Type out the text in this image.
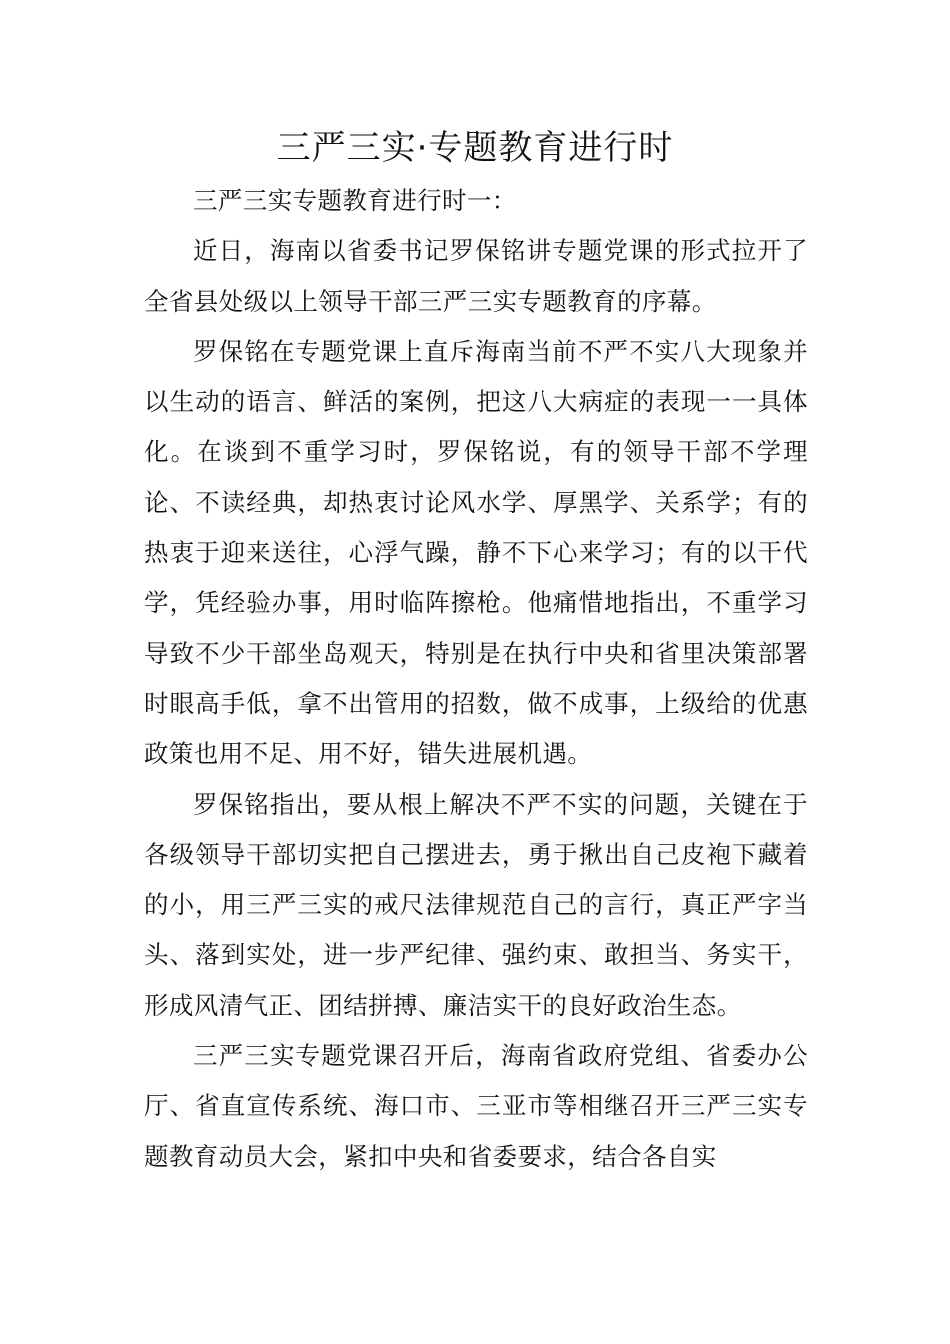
三严三实·专题教育进行时

三严三实专题教育进行时一：

近日，海南以省委书记罗保铭讲专题党课的形式拉开了全省县处级以上领导干部三严三实专题教育的序幕。

罗保铭在专题党课上直斥海南当前不严不实八大现象并以生动的语言、鲜活的案例，把这八大病症的表现一一具体化。在谈到不重学习时，罗保铭说，有的领导干部不学理论、不读经典，却热衷讨论风水学、厚黑学、关系学；有的热衷于迎来送往，心浮气躁，静不下心来学习；有的以干代学，凭经验办事，用时临阵擦枪。他痛惜地指出，不重学习导致不少干部坐岛观天，特别是在执行中央和省里决策部署时眼高手低，拿不出管用的招数，做不成事，上级给的优惠政策也用不足、用不好，错失进展机遇。

罗保铭指出，要从根上解决不严不实的问题，关键在于各级领导干部切实把自己摆进去，勇于揪出自己皮袍下藏着的小，用三严三实的戒尺法律规范自己的言行，真正严字当头、落到实处，进一步严纪律、强约束、敢担当、务实干，形成风清气正、团结拼搏、廉洁实干的良好政治生态。

三严三实专题党课召开后，海南省政府党组、省委办公厅、省直宣传系统、海口市、三亚市等相继召开三严三实专题教育动员大会，紧扣中央和省委要求，结合各自实
